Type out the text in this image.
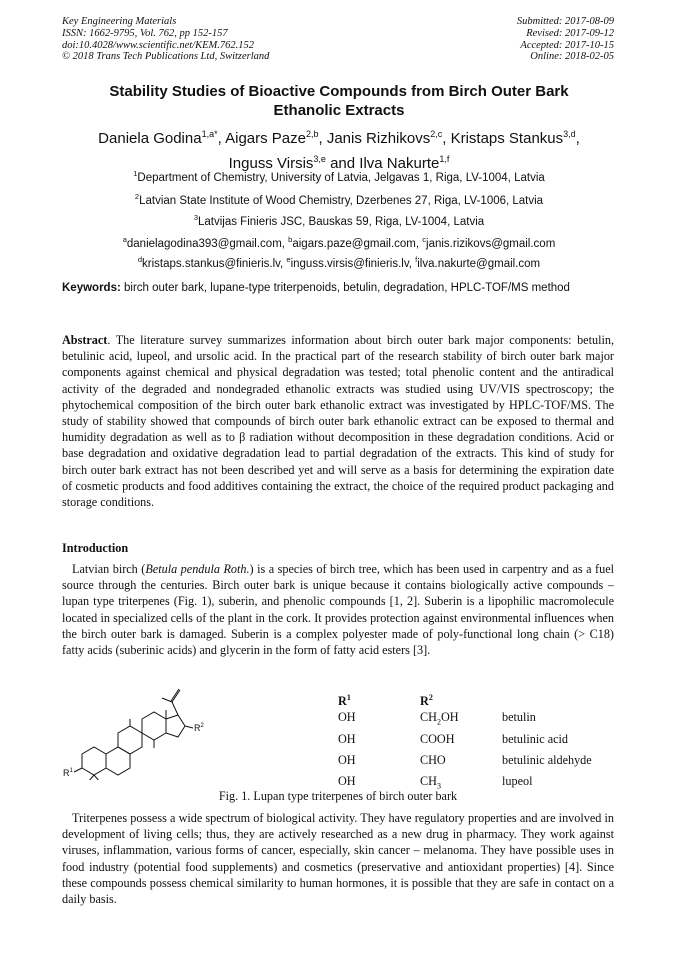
Key Engineering Materials
ISSN: 1662-9795, Vol. 762, pp 152-157
doi:10.4028/www.scientific.net/KEM.762.152
© 2018 Trans Tech Publications Ltd, Switzerland
Submitted: 2017-08-09
Revised: 2017-09-12
Accepted: 2017-10-15
Online: 2018-02-05
Stability Studies of Bioactive Compounds from Birch Outer Bark
Ethanolic Extracts
Daniela Godina$^{1,a*}$, Aigars Paze$^{2,b}$, Janis Rizhikovs$^{2,c}$, Kristaps Stankus$^{3,d}$,
Inguss Virsis$^{3,e}$ and Ilva Nakurte$^{1,f}$
$^1$Department of Chemistry, University of Latvia, Jelgavas 1, Riga, LV-1004, Latvia
$^2$Latvian State Institute of Wood Chemistry, Dzerbenes 27, Riga, LV-1006, Latvia
$^3$Latvijas Finieris JSC, Bauskas 59, Riga, LV-1004, Latvia
$^a$danielagodina393@gmail.com, $^b$aigars.paze@gmail.com, $^c$janis.rizikovs@gmail.com
$^d$kristaps.stankus@finieris.lv, $^e$inguss.virsis@finieris.lv, $^f$ilva.nakurte@gmail.com
Keywords: birch outer bark, lupane-type triterpenoids, betulin, degradation, HPLC-TOF/MS method
Abstract. The literature survey summarizes information about birch outer bark major components: betulin, betulinic acid, lupeol, and ursolic acid. In the practical part of the research stability of birch outer bark major components against chemical and physical degradation was tested; total phenolic content and the antiradical activity of the degraded and nondegraded ethanolic extracts was studied using UV/VIS spectroscopy; the phytochemical composition of the birch outer bark ethanolic extract was investigated by HPLC-TOF/MS. The study of stability showed that compounds of birch outer bark ethanolic extract can be exposed to thermal and humidity degradation as well as to β radiation without decomposition in these degradation conditions. Acid or base degradation and oxidative degradation lead to partial degradation of the extracts. This kind of study for birch outer bark extract has not been described yet and will serve as a basis for determining the expiration date of cosmetic products and food additives containing the extract, the choice of the required product packaging and storage conditions.
Introduction
Latvian birch (Betula pendula Roth.) is a species of birch tree, which has been used in carpentry and as a fuel source through the centuries. Birch outer bark is unique because it contains biologically active compounds – lupan type triterpenes (Fig. 1), suberin, and phenolic compounds [1, 2]. Suberin is a lipophilic macromolecule located in specialized cells of the plant in the cork. It provides protection against environmental influences when the birch outer bark is damaged. Suberin is a complex polyester made of poly-functional long chain (> C18) fatty acids (suberinic acids) and glycerin in the form of fatty acid esters [3].
$R^1$
$R^2$
$R^1$	$R^2$
OH	$CH_2OH$	betulin
OH	COOH	betulinic acid
OH	CHO	betulinic aldehyde
OH	$CH_3$	lupeol
Fig. 1. Lupan type triterpenes of birch outer bark
Triterpenes possess a wide spectrum of biological activity. They have regulatory properties and are involved in development of living cells; thus, they are actively researched as a new drug in pharmacy. They work against viruses, inflammation, various forms of cancer, especially, skin cancer – melanoma. They have possible uses in food industry (potential food supplements) and cosmetics (preservative and antioxidant properties) [4]. Since these compounds possess chemical similarity to human hormones, it is possible that they are safe in contact on a daily basis.
